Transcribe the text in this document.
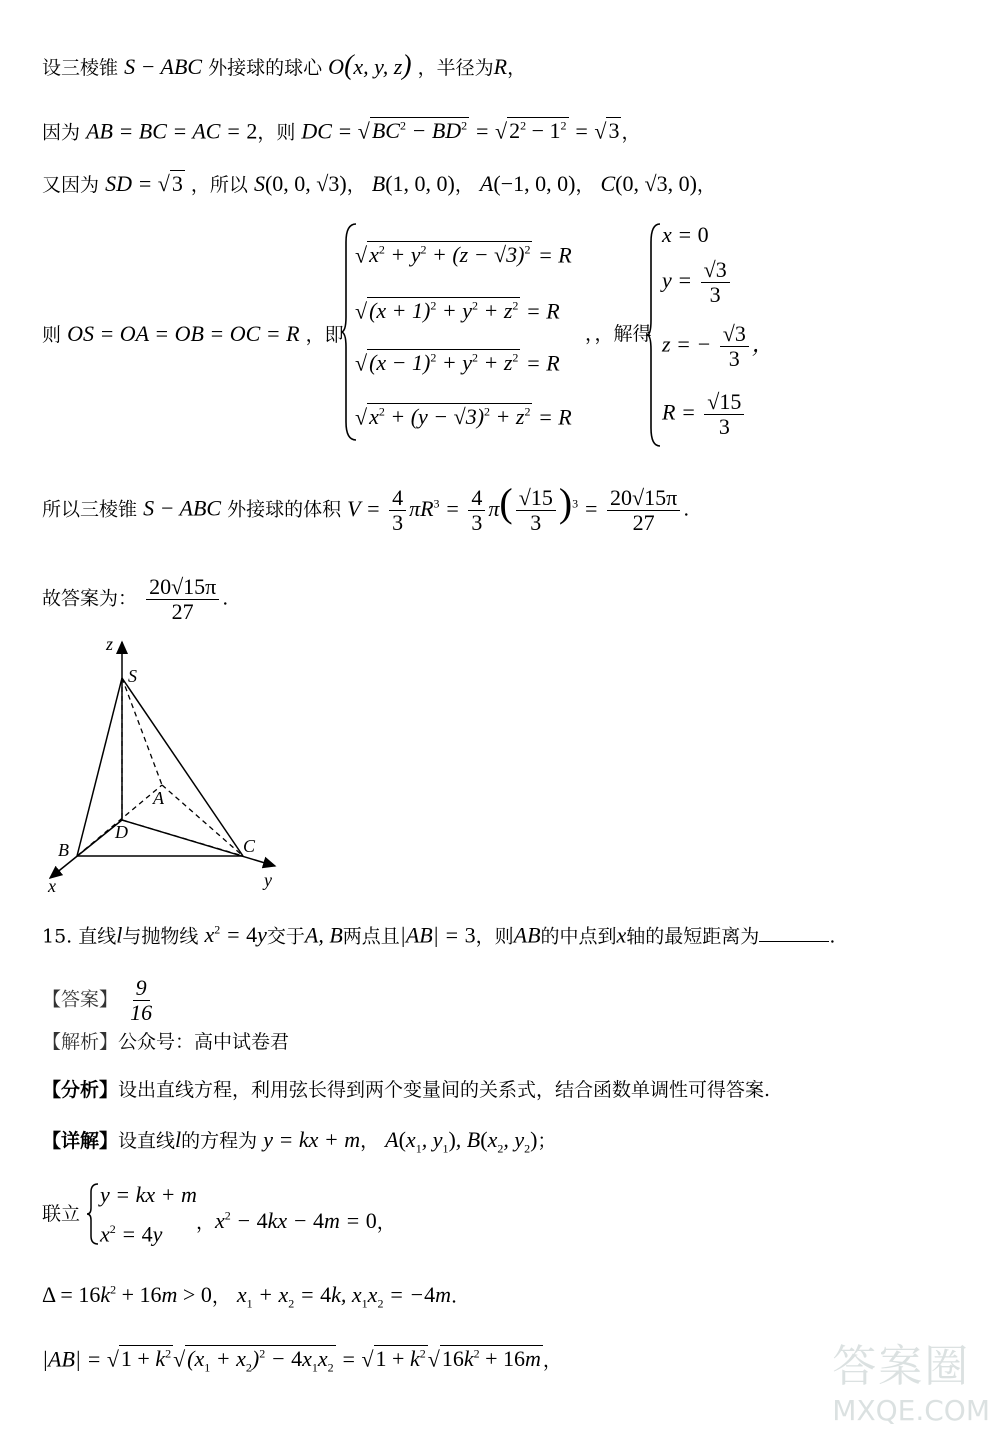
设三棱锥 S − ABC 外接球的球心 O(x, y, z) ，半径为R，
因为 AB = BC = AC = 2，则 DC = $√BC^2 - BD^2 = √2^2 - 1^2 = √3$ ，
又因为 SD = √3 ，所以 S(0, 0, √3)， B(1, 0, 0)， A(−1, 0, 0)， C(0, √3, 0)，
则 OS = OA = OB = OC = R ，即
$√x^2 + y^2 + (z - √3)^2 = R$
$√(x + 1)^2 + y^2 + z^2 = R$
$√(x - 1)^2 + y^2 + z^2 = R$
$√x^2 + (y - √3)^2 + z^2 = R$
，，解得
x = 0
$y = \frac{√3}{3}$
z = − $\frac{√3}{3}$ ，
$R = \frac{√15}{3}$
所以三棱锥 S − ABC 外接球的体积 $V = \frac{4}{3} \pi R^3 = \frac{4}{3} \pi( \frac{√15}{3} )^3 = \frac{20√15\pi}{27}$ .
故答案为： $\frac{20√15\pi}{27}$ .
z
S
A
D
B	C
x	y
15. 直线l与抛物线 $x^2 = 4y$交于A, B两点且|AB| = 3，则AB的中点到x轴的最短距离为	.
【答案】 $\frac{9}{16}$
【解析】公众号：高中试卷君
【分析】设出直线方程，利用弦长得到两个变量间的关系式，结合函数单调性可得答案.
【详解】设直线l的方程为 y = kx + m， $A(x_1$, $y_1$), $B(x_2$, $y_2$)；
联立
y = kx + m
$x^2 = 4y$ ，$x^2 - 4kx - 4m = 0$，
$\Delta = 16k^2 + 16m > 0$， $x_1 + x_2 = 4k$, $x_1x_2 = -4m$.
$|AB| = √1 + k^2√(x_1 + x_2)^2 - 4x_1x_2 = √1 + k^2√16k^2 + 16m$ ，	答案圈
MXQE.COM
